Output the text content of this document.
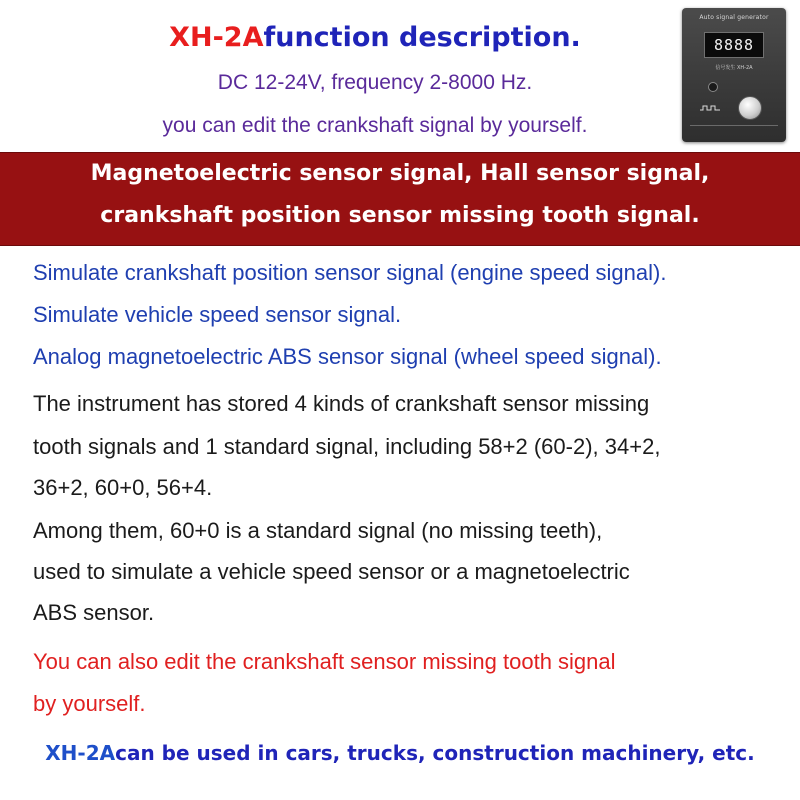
XH-2Afunction description.
DC 12-24V, frequency 2-8000 Hz.
you can edit the crankshaft signal by yourself.
Auto signal generator
8888
信号发生 XH-2A
Magnetoelectric sensor signal, Hall sensor signal,
crankshaft position sensor missing tooth signal.
Simulate crankshaft position sensor signal (engine speed signal).
Simulate vehicle speed sensor signal.
Analog magnetoelectric ABS sensor signal (wheel speed signal).
The instrument has stored 4 kinds of crankshaft sensor missing
tooth signals and 1 standard signal, including 58+2 (60-2), 34+2,
36+2, 60+0, 56+4.
Among them, 60+0 is a standard signal (no missing teeth),
used to simulate a vehicle speed sensor or a magnetoelectric
ABS sensor.
You can also edit the crankshaft sensor missing tooth signal
by yourself.
XH-2Acan be used in cars, trucks, construction machinery, etc.
